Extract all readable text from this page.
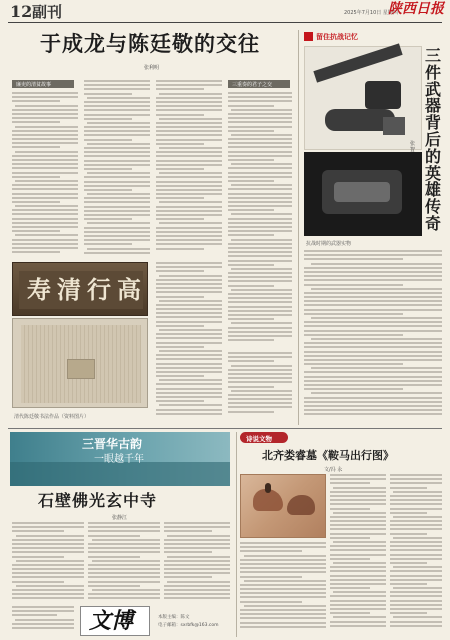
12 副刊	2025年7月10日 星期四
陕西日报
于成龙与陈廷敬的交往
张利明
廉吏的清贫故事	三重奏的君子之交
寿清行高
清代陈廷敬书法作品（资料图片）
留住抗战记忆
三件武器背后的英雄传奇
张智
抗战时期的武器实物
三晋华古韵
一眼越千年
石壁佛光玄中寺
张静江
文博	本版主编：陈文
电子邮箱：sxrbfk@163.com
诗说文物
北齐娄睿墓《鞍马出行图》
文/冯 永
